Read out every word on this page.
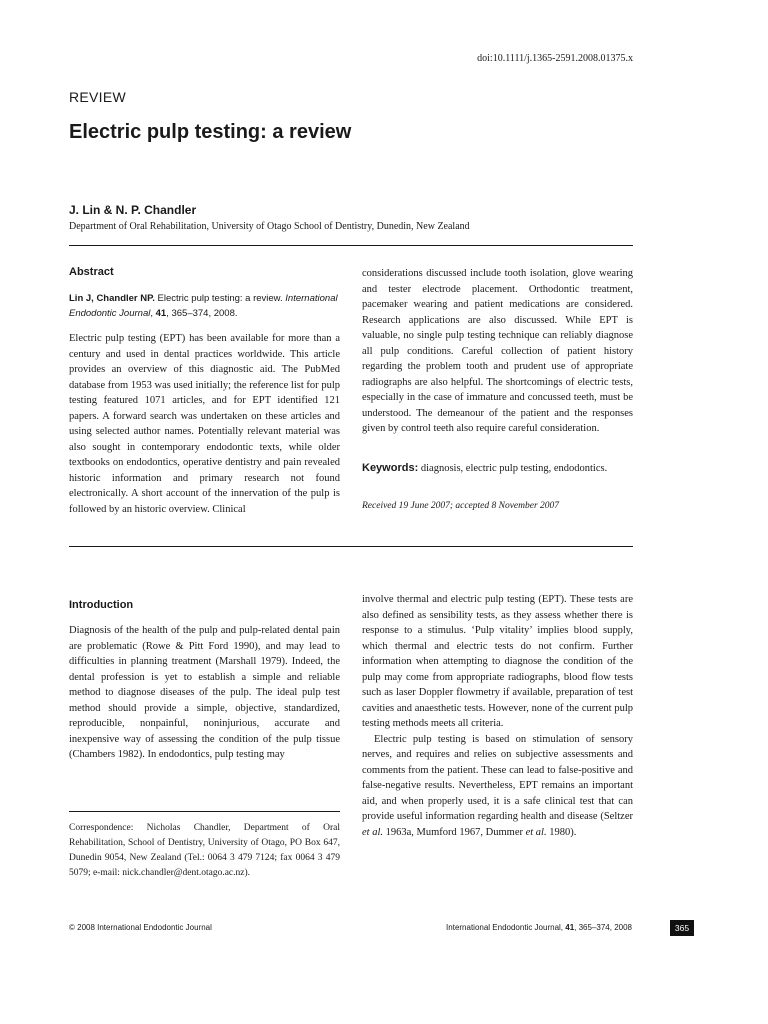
doi:10.1111/j.1365-2591.2008.01375.x
REVIEW
Electric pulp testing: a review
J. Lin & N. P. Chandler
Department of Oral Rehabilitation, University of Otago School of Dentistry, Dunedin, New Zealand
Abstract
Lin J, Chandler NP. Electric pulp testing: a review. International Endodontic Journal, 41, 365–374, 2008.

Electric pulp testing (EPT) has been available for more than a century and used in dental practices worldwide. This article provides an overview of this diagnostic aid. The PubMed database from 1953 was used initially; the reference list for pulp testing featured 1071 articles, and for EPT identified 121 papers. A forward search was undertaken on these articles and using selected author names. Potentially relevant material was also sought in contemporary endodontic texts, while older textbooks on endodontics, operative dentistry and pain revealed historic information and primary research not found electronically. A short account of the innervation of the pulp is followed by an historic overview. Clinical

considerations discussed include tooth isolation, glove wearing and tester electrode placement. Orthodontic treatment, pacemaker wearing and patient medications are considered. Research applications are also discussed. While EPT is valuable, no single pulp testing technique can reliably diagnose all pulp conditions. Careful collection of patient history regarding the problem tooth and prudent use of appropriate radiographs are also helpful. The shortcomings of electric tests, especially in the case of immature and concussed teeth, must be understood. The demeanour of the patient and the responses given by control teeth also require careful consideration.

Keywords: diagnosis, electric pulp testing, endodontics.
Received 19 June 2007; accepted 8 November 2007
Introduction

Diagnosis of the health of the pulp and pulp-related dental pain are problematic (Rowe & Pitt Ford 1990), and may lead to difficulties in planning treatment (Marshall 1979). Indeed, the dental profession is yet to establish a simple and reliable method to diagnose diseases of the pulp. The ideal pulp test method should provide a simple, objective, standardized, reproducible, nonpainful, noninjurious, accurate and inexpensive way of assessing the condition of the pulp tissue (Chambers 1982). In endodontics, pulp testing may

involve thermal and electric pulp testing (EPT). These tests are also defined as sensibility tests, as they assess whether there is response to a stimulus. ‘Pulp vitality’ implies blood supply, which thermal and electric tests do not confirm. Further information when attempting to diagnose the condition of the pulp may come from appropriate radiographs, blood flow tests such as laser Doppler flowmetry if available, preparation of test cavities and anaesthetic tests. However, none of the current pulp testing methods meets all criteria.

Electric pulp testing is based on stimulation of sensory nerves, and requires and relies on subjective assessments and comments from the patient. These can lead to false-positive and false-negative results. Nevertheless, EPT remains an important aid, and when properly used, it is a safe clinical test that can provide useful information regarding health and disease (Seltzer et al. 1963a, Mumford 1967, Dummer et al. 1980).

Correspondence: Nicholas Chandler, Department of Oral Rehabilitation, School of Dentistry, University of Otago, PO Box 647, Dunedin 9054, New Zealand (Tel.: 0064 3 479 7124; fax 0064 3 479 5079; e-mail: nick.chandler@dent.otago.ac.nz).
© 2008 International Endodontic Journal	International Endodontic Journal, 41, 365–374, 2008	365
